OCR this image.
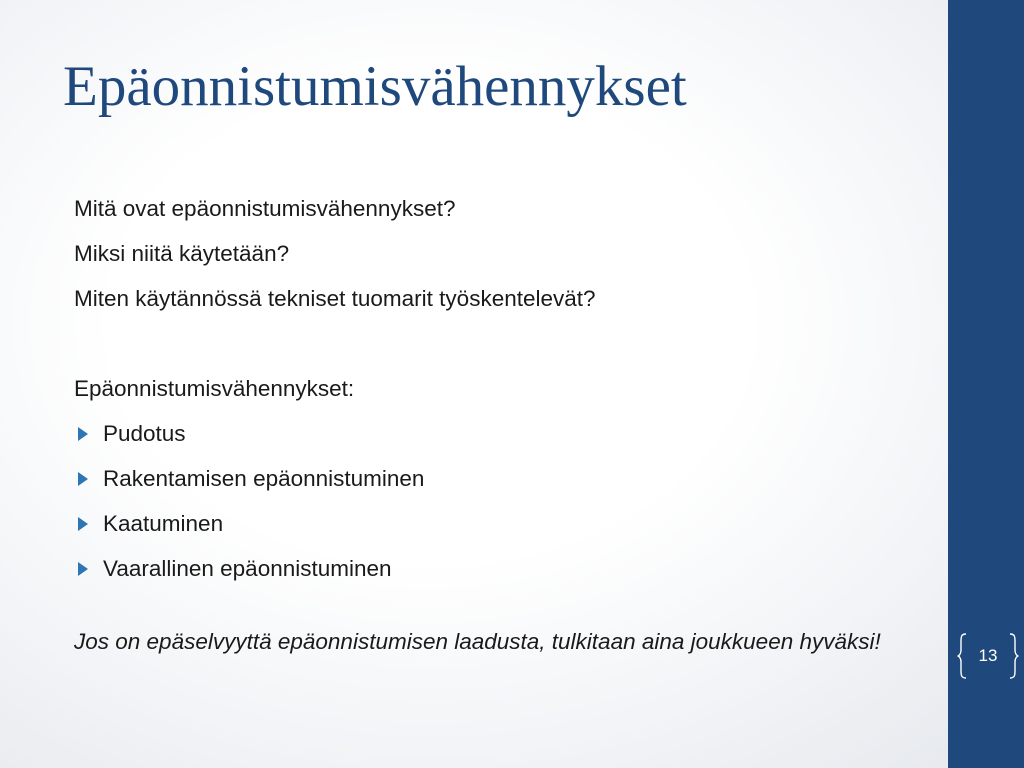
Epäonnistumisvähennykset
Mitä ovat epäonnistumisvähennykset?
Miksi niitä käytetään?
Miten käytännössä tekniset tuomarit työskentelevät?
Epäonnistumisvähennykset:
Pudotus
Rakentamisen epäonnistuminen
Kaatuminen
Vaarallinen epäonnistuminen
Jos on epäselvyyttä epäonnistumisen laadusta, tulkitaan aina joukkueen hyväksi!
13
